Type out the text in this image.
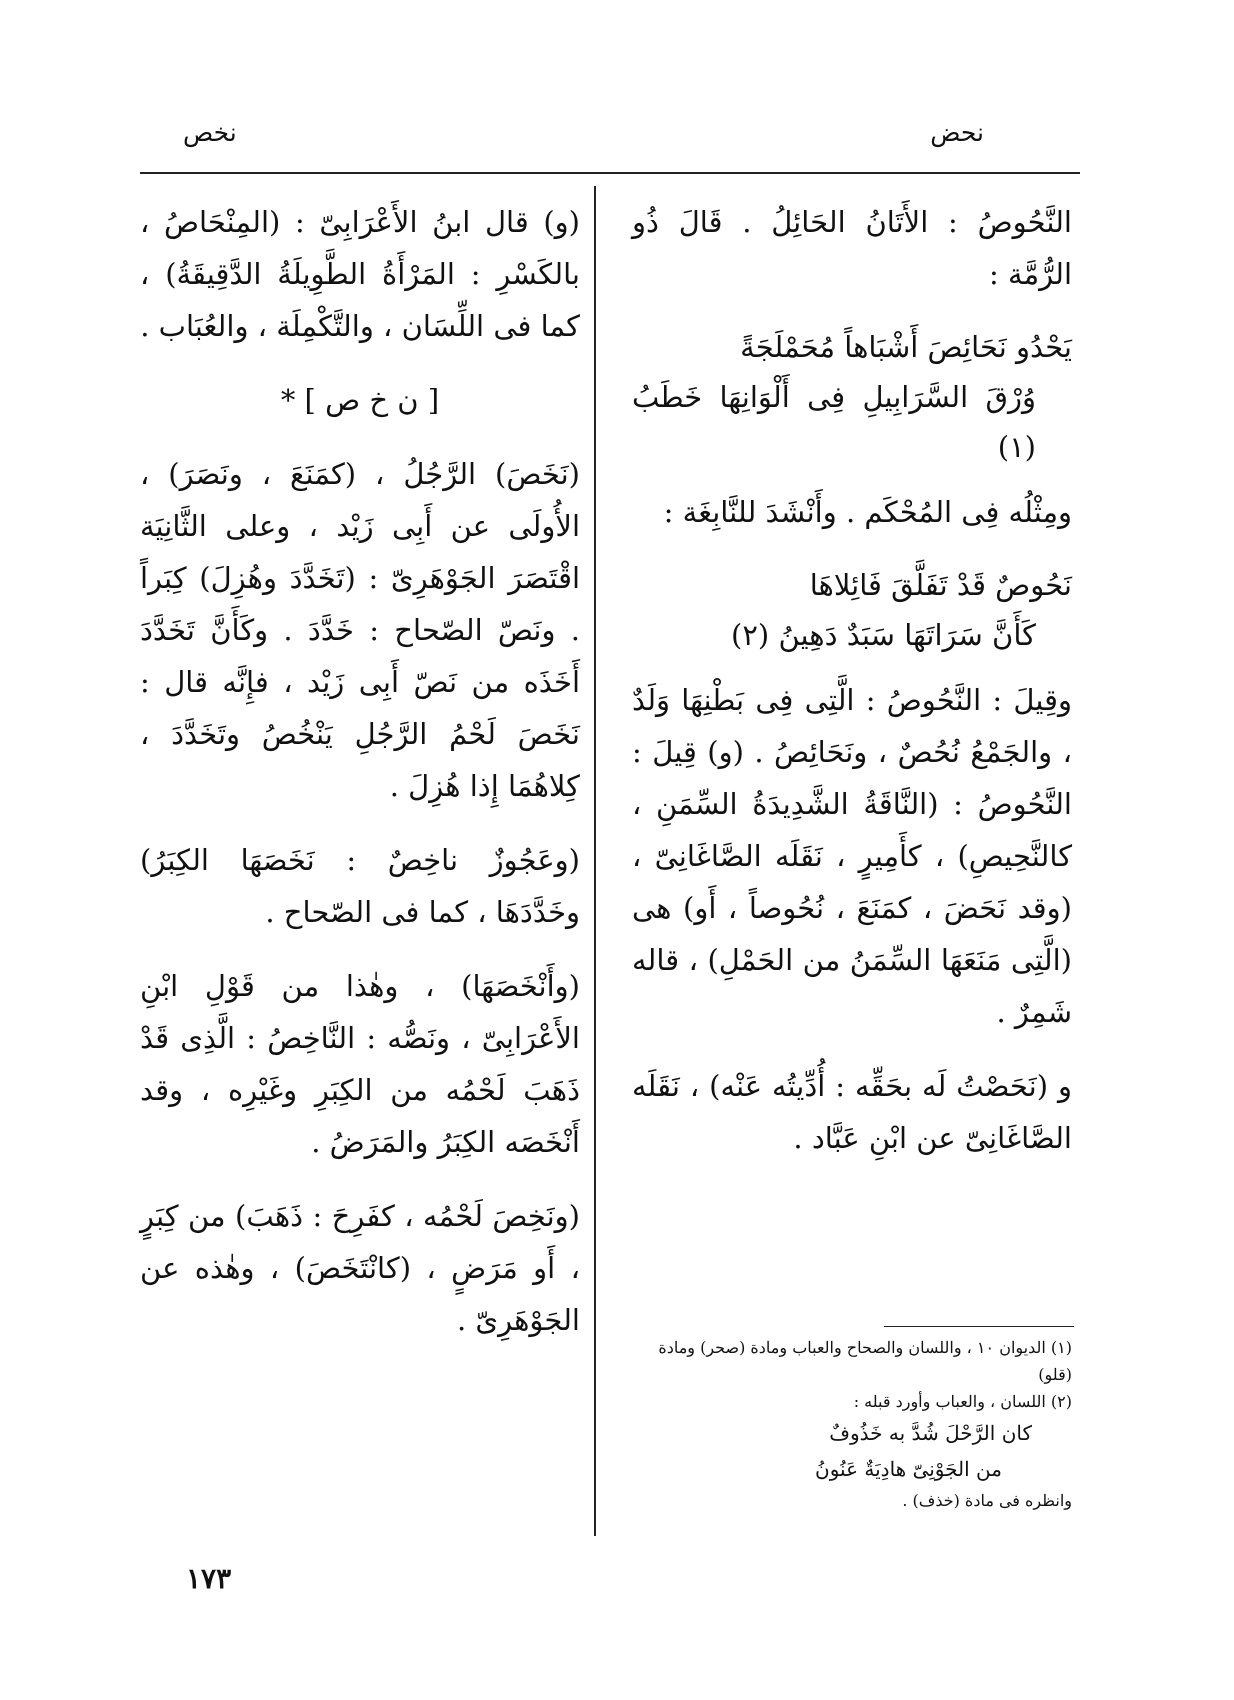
نحض
نخص

النَّحُوصُ : الأَتَانُ الحَائِلُ . قَالَ ذُو الرُّمَّة :

يَحْدُو نَحَائِصَ أَشْبَاهاً مُحَمْلَجَةً
وُرْقَ السَّرَابِيلِ فِى أَلْوَانِهَا خَطَبُ (١)

ومِثْلُه فِى المُحْكَم . وأَنْشَدَ للنَّابِغَة :

نَحُوصٌ قَدْ تَفَلَّقَ فَائِلاهَا
كَأَنَّ سَرَاتَهَا سَبَدٌ دَهِينُ (٢)

وقِيلَ : النَّحُوصُ : الَّتِى فِى بَطْنِهَا وَلَدٌ ، والجَمْعُ نُحُصٌ ، ونَحَائِصُ . (و) قِيلَ : النَّحُوصُ : (النَّاقَةُ الشَّدِيدَةُ السِّمَنِ ، كالنَّحِيصِ) ، كأَمِيرٍ ، نَقَلَه الصَّاغَانِىّ ، (وقد نَحَضَ ، كمَنَعَ ، نُحُوصاً ، أَو) هى (الَّتِى مَنَعَهَا السِّمَنُ من الحَمْلِ) ، قاله شَمِرٌ .

و (نَحَصْتُ لَه بحَقِّه : أُدِّيتُه عَنْه) ، نَقَلَه الصَّاغَانِىّ عن ابْنِ عَبَّاد .

(١) الديوان ١٠ ، واللسان والصحاح والعباب ومادة (صحر) ومادة (قلو)
(٢) اللسان ، والعباب وأورد قبله :
كان الرَّحْلَ شُدَّ به خَذُوفٌ
من الجَوْنِىّ هادِيَةٌ عَنُونُ
وانظره فى مادة (خذف) .

(و) قال ابنُ الأَعْرَابِىّ : (المِنْحَاصُ ، بالكَسْرِ : المَرْأَةُ الطَّوِيلَةُ الدَّقِيقَةُ) ، كما فى اللِّسَان ، والتَّكْمِلَة ، والعُبَاب .

[ ن خ ص ] *

(نَخَصَ) الرَّجُلُ ، (كمَنَعَ ، ونَصَرَ) ، الأُولَى عن أَبِى زَيْد ، وعلى الثَّانِيَة اقْتَصَرَ الجَوْهَرِىّ : (تَخَدَّدَ وهُزِلَ) كِبَراً . ونَصّ الصّحاح : خَدَّدَ . وكَأَنَّ تَخَدَّدَ أَخَذَه من نَصّ أَبِى زَيْد ، فإِنَّه قال : نَخَصَ لَحْمُ الرَّجُلِ يَنْخُصُ وتَخَدَّدَ ، كِلاهُمَا إِذا هُزِلَ .

(وعَجُوزٌ ناخِصٌ : نَخَصَهَا الكِبَرُ) وخَدَّدَهَا ، كما فى الصّحاح .

(وأَنْخَصَهَا) ، وهٰذا من قَوْلِ ابْنِ الأَعْرَابِىّ ، ونَصُّه : النَّاخِصُ : الَّذِى قَدْ ذَهَبَ لَحْمُه من الكِبَرِ وغَيْرِه ، وقد أَنْخَصَه الكِبَرُ والمَرَضُ .

(ونَخِصَ لَحْمُه ، كفَرِحَ : ذَهَبَ) من كِبَرٍ ، أَو مَرَضٍ ، (كانْتَخَصَ) ، وهٰذه عن الجَوْهَرِىّ .

١٧٣
